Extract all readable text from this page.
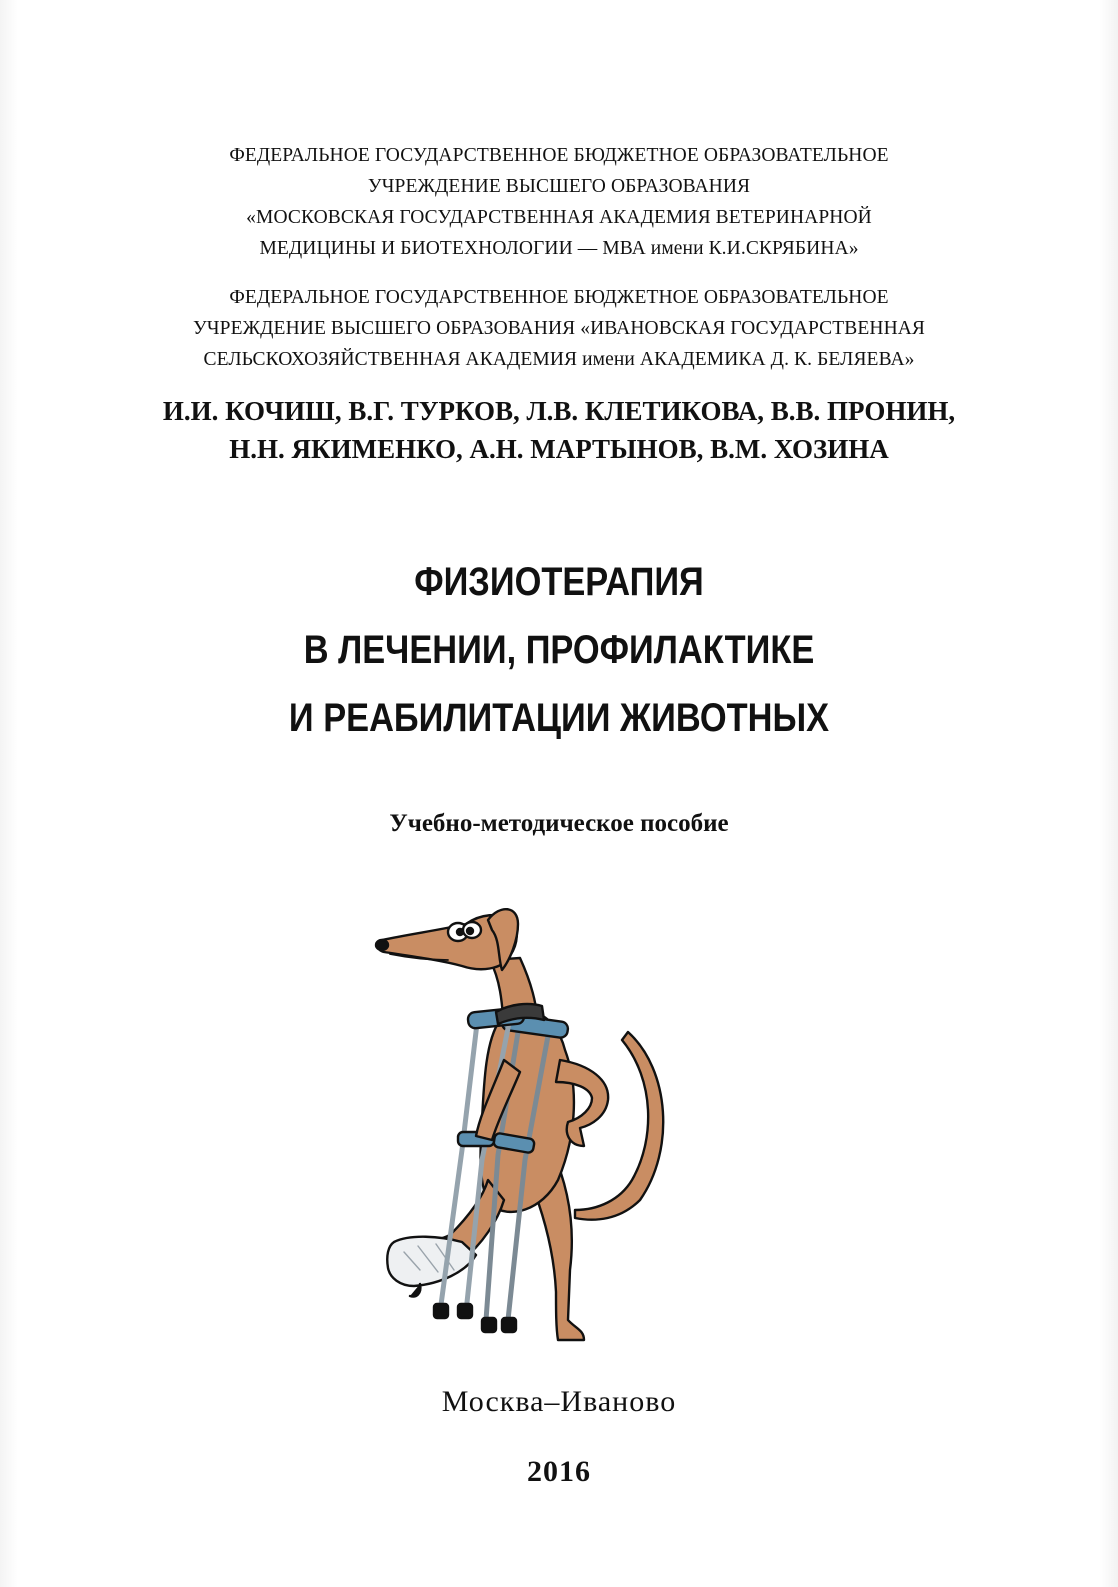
ФЕДЕРАЛЬНОЕ ГОСУДАРСТВЕННОЕ БЮДЖЕТНОЕ ОБРАЗОВАТЕЛЬНОЕ
УЧРЕЖДЕНИЕ ВЫСШЕГО ОБРАЗОВАНИЯ
«МОСКОВСКАЯ ГОСУДАРСТВЕННАЯ АКАДЕМИЯ ВЕТЕРИНАРНОЙ
МЕДИЦИНЫ И БИОТЕХНОЛОГИИ — МВА имени К.И.СКРЯБИНА»
ФЕДЕРАЛЬНОЕ ГОСУДАРСТВЕННОЕ БЮДЖЕТНОЕ ОБРАЗОВАТЕЛЬНОЕ
УЧРЕЖДЕНИЕ ВЫСШЕГО ОБРАЗОВАНИЯ «ИВАНОВСКАЯ ГОСУДАРСТВЕННАЯ
СЕЛЬСКОХОЗЯЙСТВЕННАЯ АКАДЕМИЯ имени АКАДЕМИКА Д. К. БЕЛЯЕВА»
И.И. КОЧИШ, В.Г. ТУРКОВ, Л.В. КЛЕТИКОВА, В.В. ПРОНИН,
Н.Н. ЯКИМЕНКО, А.Н. МАРТЫНОВ, В.М. ХОЗИНА
ФИЗИОТЕРАПИЯ
В ЛЕЧЕНИИ, ПРОФИЛАКТИКЕ
И РЕАБИЛИТАЦИИ ЖИВОТНЫХ
Учебно-методическое пособие
Москва–Иваново
2016
